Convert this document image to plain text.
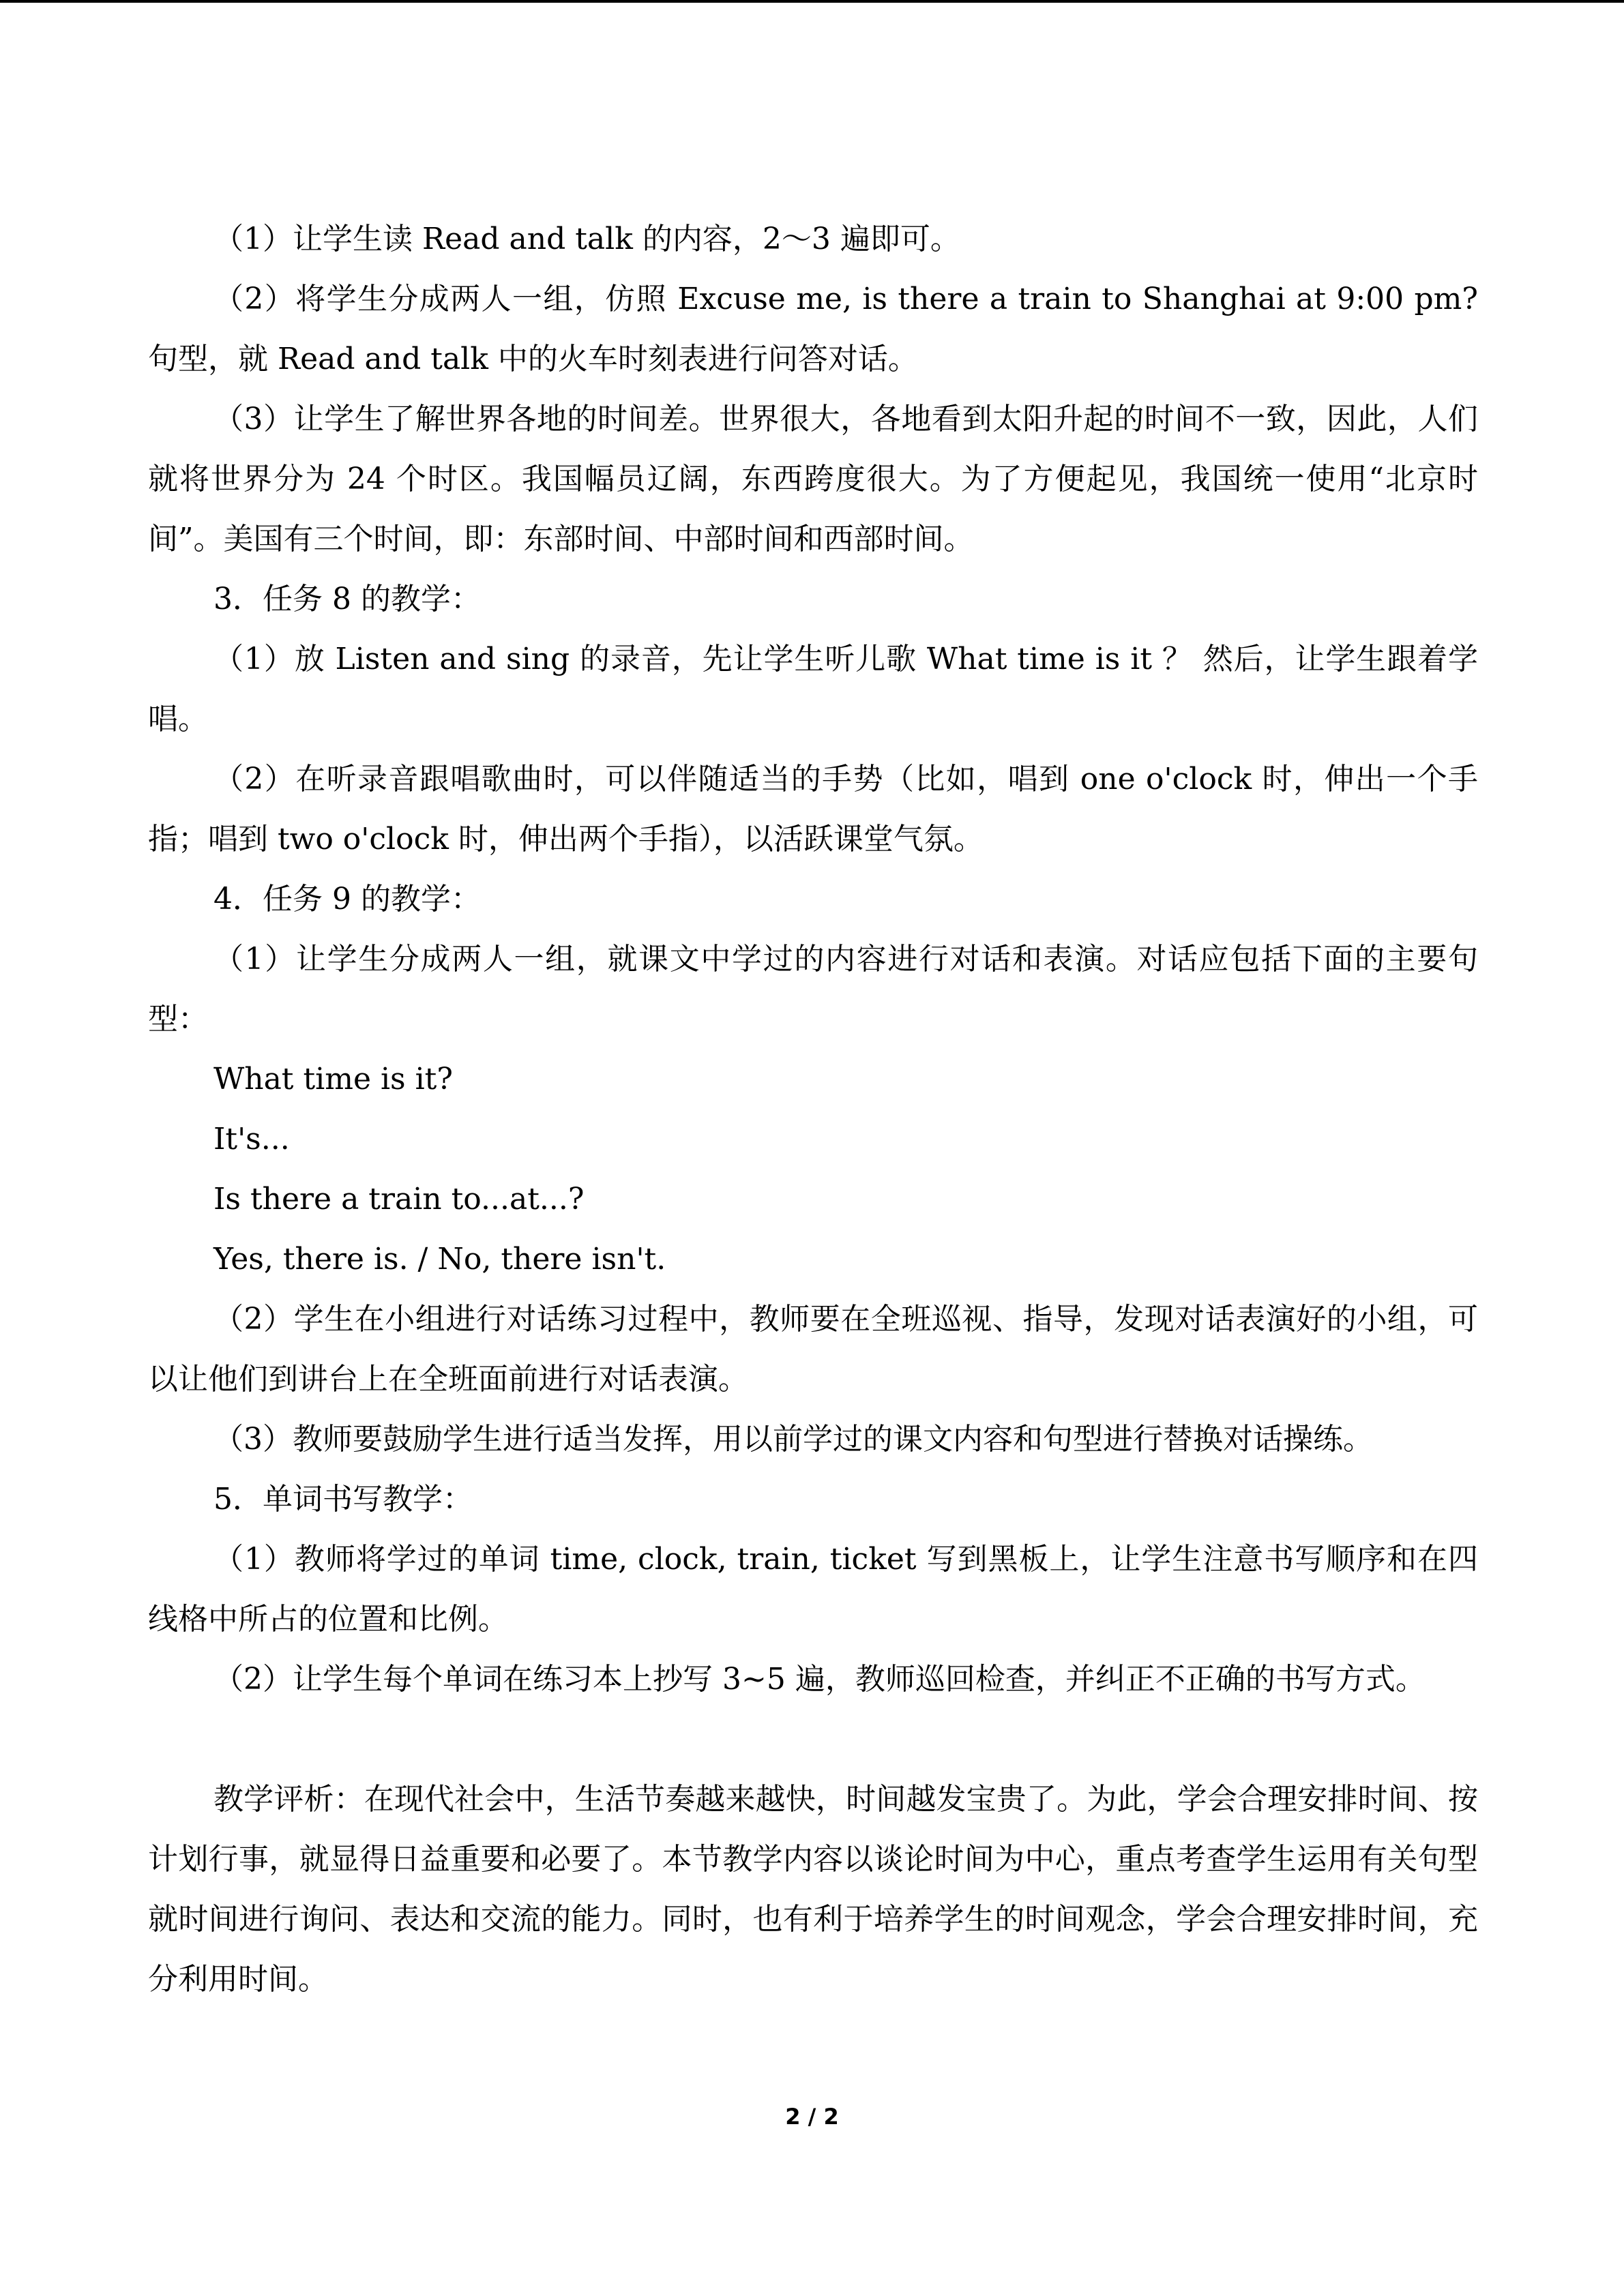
（1）让学生读 Read and talk 的内容，2～3 遍即可。

（2）将学生分成两人一组，仿照 Excuse me, is there a train to Shanghai at 9:00 pm? 句型，就 Read and talk 中的火车时刻表进行问答对话。

（3）让学生了解世界各地的时间差。世界很大，各地看到太阳升起的时间不一致，因此，人们就将世界分为 24 个时区。我国幅员辽阔，东西跨度很大。为了方便起见，我国统一使用“北京时间”。美国有三个时间，即：东部时间、中部时间和西部时间。

3．任务 8 的教学：

（1）放 Listen and sing 的录音，先让学生听儿歌 What time is it ？ 然后，让学生跟着学唱。

（2）在听录音跟唱歌曲时，可以伴随适当的手势（比如，唱到 one o'clock 时，伸出一个手指；唱到 two o'clock 时，伸出两个手指），以活跃课堂气氛。

4．任务 9 的教学：

（1）让学生分成两人一组，就课文中学过的内容进行对话和表演。对话应包括下面的主要句型：

What time is it?

It's...

Is there a train to...at...?

Yes, there is. / No, there isn't.

（2）学生在小组进行对话练习过程中，教师要在全班巡视、指导，发现对话表演好的小组，可以让他们到讲台上在全班面前进行对话表演。

（3）教师要鼓励学生进行适当发挥，用以前学过的课文内容和句型进行替换对话操练。

5．单词书写教学：

（1）教师将学过的单词 time, clock, train, ticket 写到黑板上，让学生注意书写顺序和在四线格中所占的位置和比例。

（2）让学生每个单词在练习本上抄写 3~5 遍，教师巡回检查，并纠正不正确的书写方式。

教学评析：在现代社会中，生活节奏越来越快，时间越发宝贵了。为此，学会合理安排时间、按计划行事，就显得日益重要和必要了。本节教学内容以谈论时间为中心，重点考查学生运用有关句型就时间进行询问、表达和交流的能力。同时，也有利于培养学生的时间观念，学会合理安排时间，充分利用时间。

2 / 2
